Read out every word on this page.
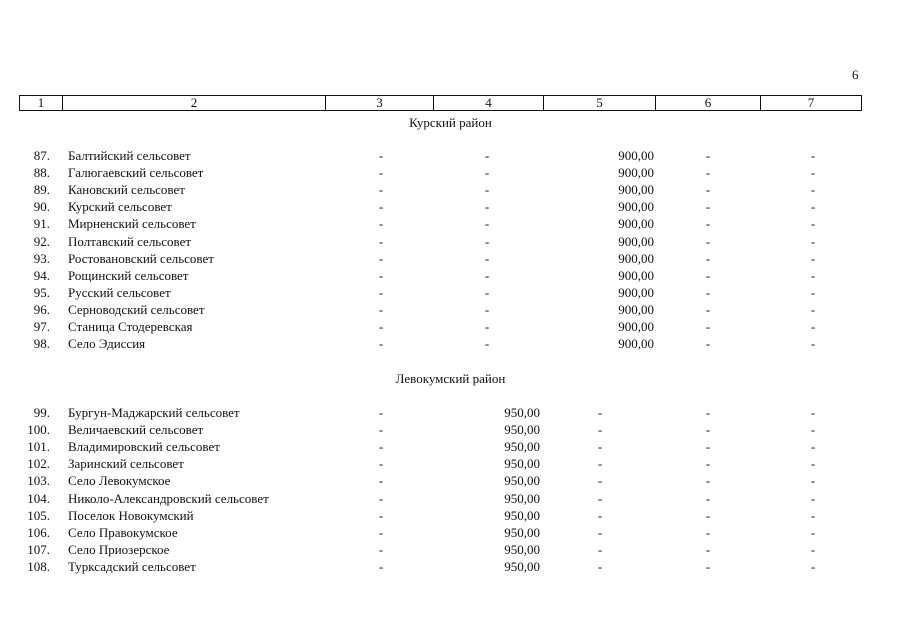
6
1	2	3	4	5	6	7
Курский район
87. Балтийский сельсовет	-	-	900,00	-	-
88. Галюгаевский сельсовет	-	-	900,00	-	-
89. Кановский сельсовет	-	-	900,00	-	-
90. Курский сельсовет	-	-	900,00	-	-
91. Мирненский сельсовет	-	-	900,00	-	-
92. Полтавский сельсовет	-	-	900,00	-	-
93. Ростовановский сельсовет	-	-	900,00	-	-
94. Рощинский сельсовет	-	-	900,00	-	-
95. Русский сельсовет	-	-	900,00	-	-
96. Серноводский сельсовет	-	-	900,00	-	-
97. Станица Стодеревская	-	-	900,00	-	-
98. Село Эдиссия	-	-	900,00	-	-
Левокумский район
99. Бургун-Маджарский сельсовет	-	950,00	-	-	-
100. Величаевский сельсовет	-	950,00	-	-	-
101. Владимировский сельсовет	-	950,00	-	-	-
102. Заринский сельсовет	-	950,00	-	-	-
103. Село Левокумское	-	950,00	-	-	-
104. Николо-Александровский сельсовет	-	950,00	-	-	-
105. Поселок Новокумский	-	950,00	-	-	-
106. Село Правокумское	-	950,00	-	-	-
107. Село Приозерское	-	950,00	-	-	-
108. Турксадский сельсовет	-	950,00	-	-	-
